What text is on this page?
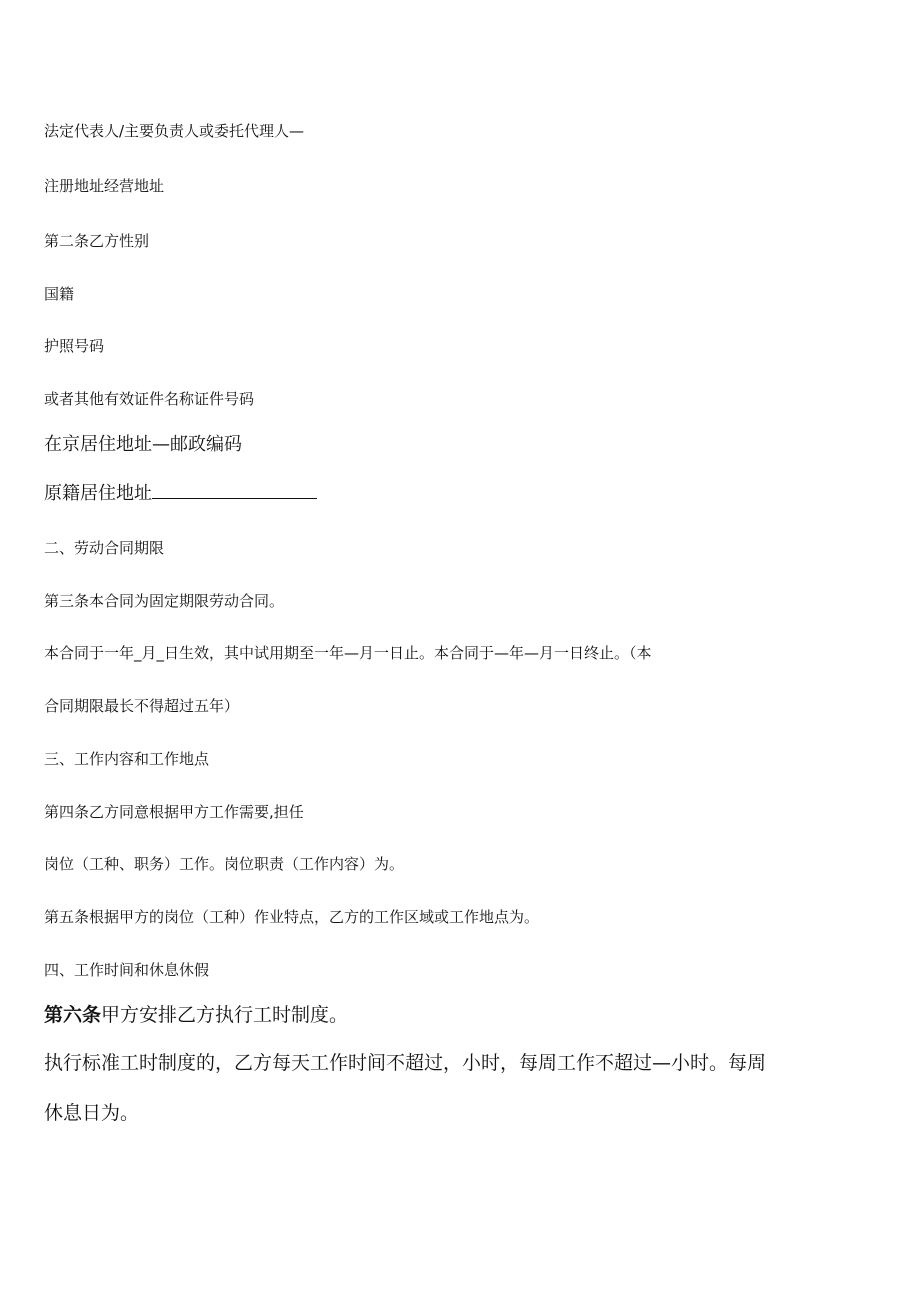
法定代表人/主要负责人或委托代理人—
注册地址经营地址
第二条乙方性别
国籍
护照号码
或者其他有效证件名称证件号码
在京居住地址—邮政编码
原籍居住地址
二、劳动合同期限
第三条本合同为固定期限劳动合同。
本合同于一年_月_日生效，其中试用期至一年—月一日止。本合同于—年—月一日终止。（本
合同期限最长不得超过五年）
三、工作内容和工作地点
第四条乙方同意根据甲方工作需要,担任
岗位（工种、职务）工作。岗位职责（工作内容）为。
第五条根据甲方的岗位（工种）作业特点，乙方的工作区域或工作地点为。
四、工作时间和休息休假
第六条甲方安排乙方执行工时制度。
执行标准工时制度的，乙方每天工作时间不超过，小时，每周工作不超过—小时。每周
休息日为。
